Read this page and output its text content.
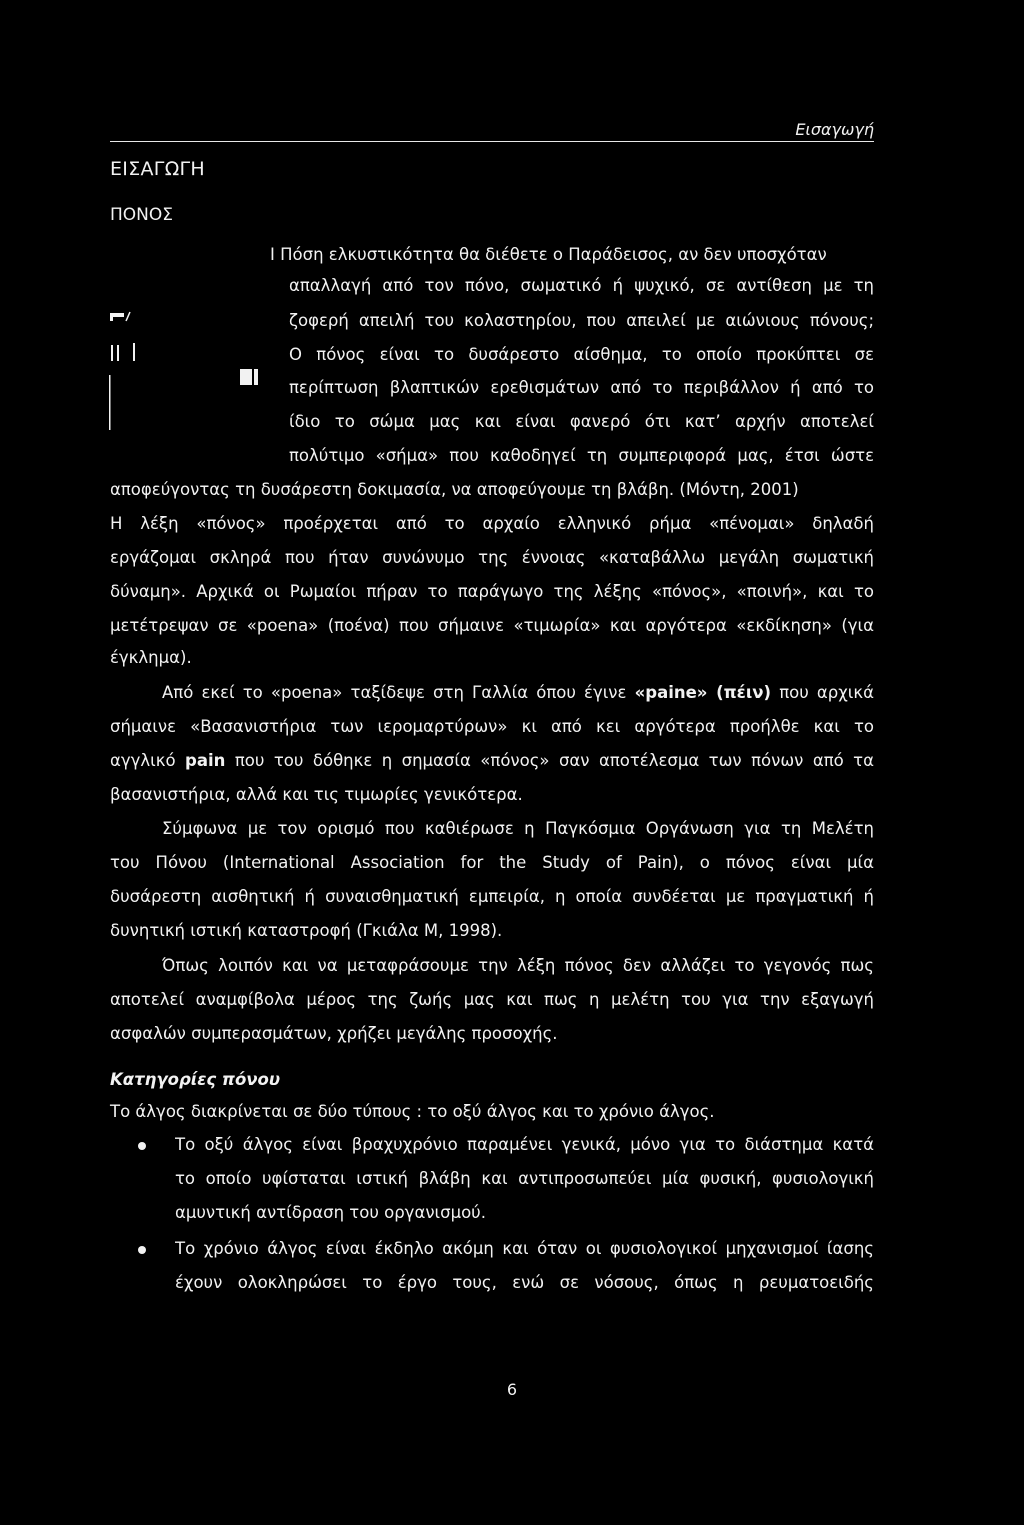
Εισαγωγή
ΕΙΣΑΓΩΓΗ
ΠΟΝΟΣ
Ι Πόση ελκυστικότητα θα διέθετε ο Παράδεισος, αν δεν υποσχόταν
απαλλαγή από τον πόνο, σωματικό ή ψυχικό, σε αντίθεση με τη
ζοφερή απειλή του κολαστηρίου, που απειλεί με αιώνιους πόνους;
Ο πόνος είναι το δυσάρεστο αίσθημα, το οποίο προκύπτει σε
περίπτωση βλαπτικών ερεθισμάτων από το περιβάλλον ή από το
ίδιο το σώμα μας και είναι φανερό ότι κατ’ αρχήν αποτελεί
πολύτιμο «σήμα» που καθοδηγεί τη συμπεριφορά μας, έτσι ώστε
αποφεύγοντας τη δυσάρεστη δοκιμασία, να αποφεύγουμε τη βλάβη. (Μόντη, 2001)
Η λέξη «πόνος» προέρχεται από το αρχαίο ελληνικό ρήμα «πένομαι» δηλαδή
εργάζομαι σκληρά που ήταν συνώνυμο της έννοιας «καταβάλλω μεγάλη σωματική
δύναμη». Αρχικά οι Ρωμαίοι πήραν το παράγωγο της λέξης «πόνος», «ποινή», και το
μετέτρεψαν σε «poena» (ποένα) που σήμαινε «τιμωρία» και αργότερα «εκδίκηση» (για
έγκλημα).
Από εκεί το «poena» ταξίδεψε στη Γαλλία όπου έγινε «paine» (πέιν) που αρχικά
σήμαινε «Βασανιστήρια των ιερομαρτύρων» κι από κει αργότερα προήλθε και το
αγγλικό pain που του δόθηκε η σημασία «πόνος» σαν αποτέλεσμα των πόνων από τα
βασανιστήρια, αλλά και τις τιμωρίες γενικότερα.
Σύμφωνα με τον ορισμό που καθιέρωσε η Παγκόσμια Οργάνωση για τη Μελέτη
του Πόνου (International Association for the Study of Pain), ο πόνος είναι μία
δυσάρεστη αισθητική ή συναισθηματική εμπειρία, η οποία συνδέεται με πραγματική ή
δυνητική ιστική καταστροφή (Γκιάλα Μ, 1998).
Όπως λοιπόν και να μεταφράσουμε την λέξη πόνος δεν αλλάζει το γεγονός πως
αποτελεί αναμφίβολα μέρος της ζωής μας και πως η μελέτη του για την εξαγωγή
ασφαλών συμπερασμάτων, χρήζει μεγάλης προσοχής.
Κατηγορίες πόνου
Το άλγος διακρίνεται σε δύο τύπους : το οξύ άλγος και το χρόνιο άλγος.
Το οξύ άλγος είναι βραχυχρόνιο παραμένει γενικά, μόνο για το διάστημα κατά
το οποίο υφίσταται ιστική βλάβη και αντιπροσωπεύει μία φυσική, φυσιολογική
αμυντική αντίδραση του οργανισμού.
Το χρόνιο άλγος είναι έκδηλο ακόμη και όταν οι φυσιολογικοί μηχανισμοί ίασης
έχουν ολοκληρώσει το έργο τους, ενώ σε νόσους, όπως η ρευματοειδής
6
